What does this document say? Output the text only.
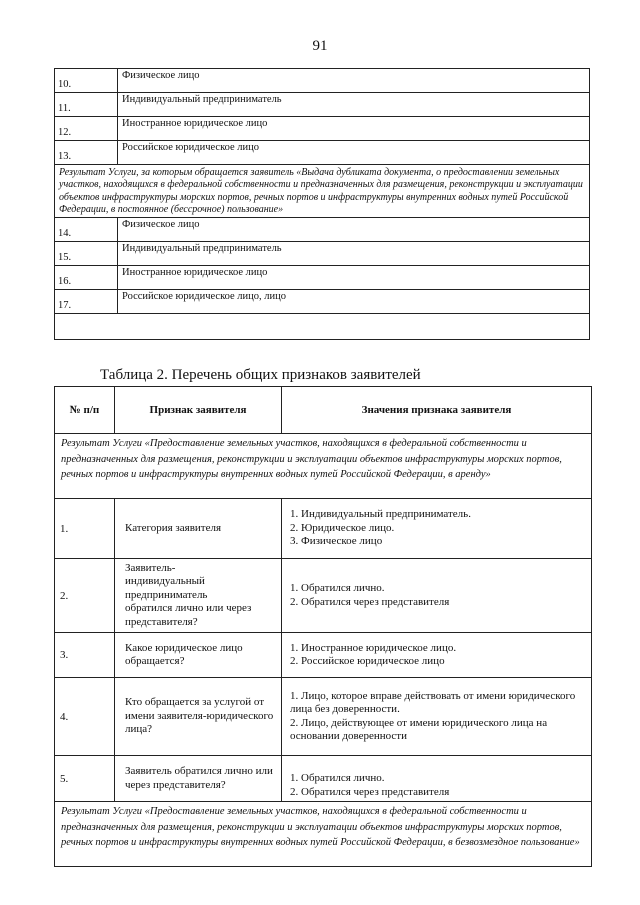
91
10.	Физическое лицо
11.	Индивидуальный предприниматель
12.	Иностранное юридическое лицо
13.	Российское юридическое лицо
Результат Услуги, за которым обращается заявитель «Выдача дубликата документа, о предоставлении земельных участков, находящихся в федеральной собственности и предназначенных для размещения, реконструкции и эксплуатации объектов инфраструктуры морских портов, речных портов и инфраструктуры внутренних водных путей Российской Федерации, в постоянное (бессрочное) пользование»	
14.	Физическое лицо
15.	Индивидуальный предприниматель
16.	Иностранное юридическое лицо
17.	Российское юридическое лицо, лицо

Таблица 2. Перечень общих признаков заявителей
№ п/п	Признак заявителя	Значения признака заявителя
Результат Услуги «Предоставление земельных участков, находящихся в федеральной собственности и предназначенных для размещения, реконструкции и эксплуатации объектов инфраструктуры морских портов, речных портов и инфраструктуры внутренних водных путей Российской Федерации, в аренду»		
1.	Категория заявителя	1. Индивидуальный предприниматель.
2. Юридическое лицо.
3. Физическое лицо

2.	Заявитель-индивидуальный предприниматель обратился лично или через представителя?	1. Обратился лично.
2. Обратился через представителя

3.	Какое юридическое лицо обращается?	1. Иностранное юридическое лицо.
2. Российское юридическое лицо

4.	Кто обращается за услугой от имени заявителя-юридического лица?	1. Лицо, которое вправе действовать от имени юридического лица без доверенности.
2. Лицо, действующее от имени юридического лица на основании доверенности

5.	Заявитель обратился лично или через представителя?	1. Обратился лично.
2. Обратился через представителя

Результат Услуги «Предоставление земельных участков, находящихся в федеральной собственности и предназначенных для размещения, реконструкции и эксплуатации объектов инфраструктуры морских портов, речных портов и инфраструктуры внутренних водных путей Российской Федерации, в безвозмездное пользование»		
